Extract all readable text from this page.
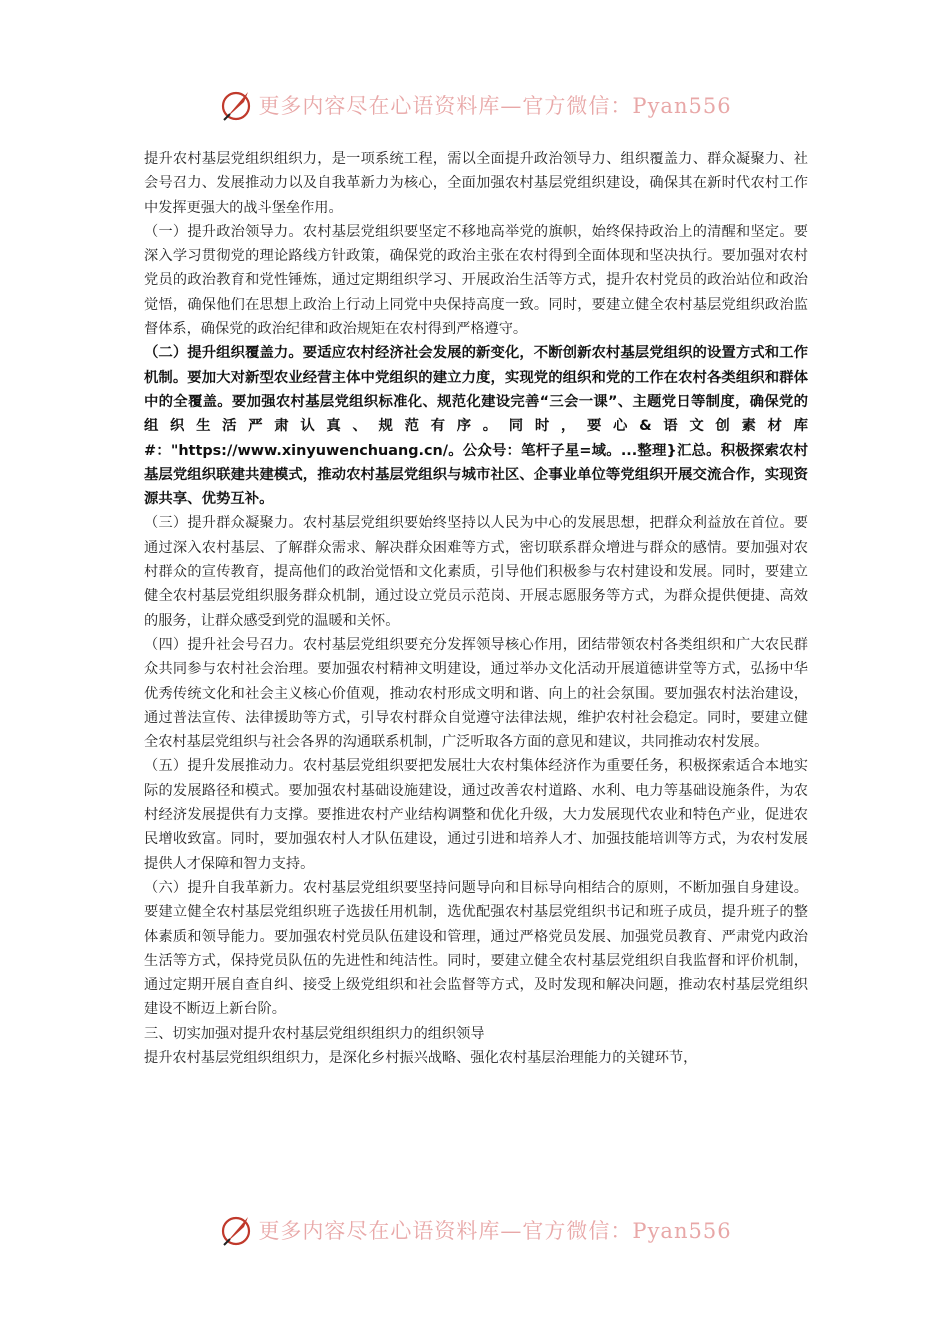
更多内容尽在心语资料库—官方微信：Pyan556

提升农村基层党组织组织力，是一项系统工程，需以全面提升政治领导力、组织覆盖力、群众凝聚力、社会号召力、发展推动力以及自我革新力为核心，全面加强农村基层党组织建设，确保其在新时代农村工作中发挥更强大的战斗堡垒作用。

（一）提升政治领导力。农村基层党组织要坚定不移地高举党的旗帜，始终保持政治上的清醒和坚定。要深入学习贯彻党的理论路线方针政策，确保党的政治主张在农村得到全面体现和坚决执行。要加强对农村党员的政治教育和党性锤炼，通过定期组织学习、开展政治生活等方式，提升农村党员的政治站位和政治觉悟，确保他们在思想上政治上行动上同党中央保持高度一致。同时，要建立健全农村基层党组织政治监督体系，确保党的政治纪律和政治规矩在农村得到严格遵守。

（二）提升组织覆盖力。要适应农村经济社会发展的新变化，不断创新农村基层党组织的设置方式和工作机制。要加大对新型农业经营主体中党组织的建立力度，实现党的组织和党的工作在农村各类组织和群体中的全覆盖。要加强农村基层党组织标准化、规范化建设完善“三会一课”、主题党日等制度，确保党的组织生活严肃认真、规范有序。同时，要心&语文创素材库#："https://www.xinyuwenchuang.cn/。公众号：笔杆子星=域。...整理}汇总。积极探索农村基层党组织联建共建模式，推动农村基层党组织与城市社区、企事业单位等党组织开展交流合作，实现资源共享、优势互补。

（三）提升群众凝聚力。农村基层党组织要始终坚持以人民为中心的发展思想，把群众利益放在首位。要通过深入农村基层、了解群众需求、解决群众困难等方式，密切联系群众增进与群众的感情。要加强对农村群众的宣传教育，提高他们的政治觉悟和文化素质，引导他们积极参与农村建设和发展。同时，要建立健全农村基层党组织服务群众机制，通过设立党员示范岗、开展志愿服务等方式，为群众提供便捷、高效的服务，让群众感受到党的温暖和关怀。

（四）提升社会号召力。农村基层党组织要充分发挥领导核心作用，团结带领农村各类组织和广大农民群众共同参与农村社会治理。要加强农村精神文明建设，通过举办文化活动开展道德讲堂等方式，弘扬中华优秀传统文化和社会主义核心价值观，推动农村形成文明和谐、向上的社会氛围。要加强农村法治建设，通过普法宣传、法律援助等方式，引导农村群众自觉遵守法律法规，维护农村社会稳定。同时，要建立健全农村基层党组织与社会各界的沟通联系机制，广泛听取各方面的意见和建议，共同推动农村发展。

（五）提升发展推动力。农村基层党组织要把发展壮大农村集体经济作为重要任务，积极探索适合本地实际的发展路径和模式。要加强农村基础设施建设，通过改善农村道路、水利、电力等基础设施条件，为农村经济发展提供有力支撑。要推进农村产业结构调整和优化升级，大力发展现代农业和特色产业，促进农民增收致富。同时，要加强农村人才队伍建设，通过引进和培养人才、加强技能培训等方式，为农村发展提供人才保障和智力支持。

（六）提升自我革新力。农村基层党组织要坚持问题导向和目标导向相结合的原则，不断加强自身建设。要建立健全农村基层党组织班子选拔任用机制，选优配强农村基层党组织书记和班子成员，提升班子的整体素质和领导能力。要加强农村党员队伍建设和管理，通过严格党员发展、加强党员教育、严肃党内政治生活等方式，保持党员队伍的先进性和纯洁性。同时，要建立健全农村基层党组织自我监督和评价机制，通过定期开展自查自纠、接受上级党组织和社会监督等方式，及时发现和解决问题，推动农村基层党组织建设不断迈上新台阶。

三、切实加强对提升农村基层党组织组织力的组织领导

提升农村基层党组织组织力，是深化乡村振兴战略、强化农村基层治理能力的关键环节，

更多内容尽在心语资料库—官方微信：Pyan556
